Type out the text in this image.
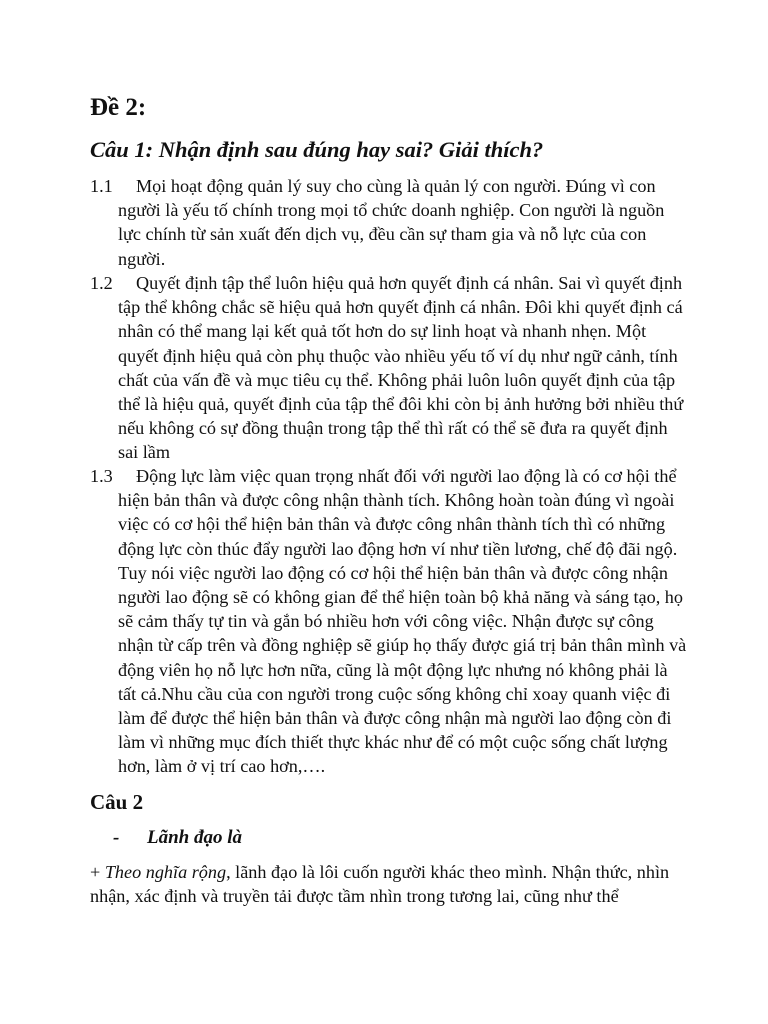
Đề 2:
Câu 1: Nhận định sau đúng hay sai? Giải thích?
1.1	Mọi hoạt động quản lý suy cho cùng là quản lý con người. Đúng vì con người là yếu tố chính trong mọi tổ chức doanh nghiệp. Con người là nguồn lực chính từ sản xuất đến dịch vụ, đều cần sự tham gia và nỗ lực của con người.
1.2	Quyết định tập thể luôn hiệu quả hơn quyết định cá nhân. Sai vì quyết định tập thể không chắc sẽ hiệu quả hơn quyết định cá nhân. Đôi khi quyết định cá nhân có thể mang lại kết quả tốt hơn do sự linh hoạt và nhanh nhẹn. Một quyết định hiệu quả còn phụ thuộc vào nhiều yếu tố ví dụ như ngữ cảnh, tính chất của vấn đề và mục tiêu cụ thể. Không phải luôn luôn quyết định của tập thể là hiệu quả, quyết định của tập thể đôi khi còn bị ảnh hưởng bởi nhiều thứ nếu không có sự đồng thuận trong tập thể thì rất có thể sẽ đưa ra quyết định sai lầm
1.3	Động lực làm việc quan trọng nhất đối với người lao động là có cơ hội thể hiện bản thân và được công nhận thành tích. Không hoàn toàn đúng vì ngoài việc có cơ hội thể hiện bản thân và được công nhân thành tích thì có những động lực còn thúc đẩy người lao động hơn ví như tiền lương, chế độ đãi ngộ. Tuy nói việc người lao động có cơ hội thể hiện bản thân và được công nhận người lao động sẽ có không gian để thể hiện toàn bộ khả năng và sáng tạo, họ sẽ cảm thấy tự tin và gắn bó nhiều hơn với công việc. Nhận được sự công nhận từ cấp trên và đồng nghiệp sẽ giúp họ thấy được giá trị bản thân mình và động viên họ nỗ lực hơn nữa, cũng là một động lực nhưng nó không phải là tất cả.Nhu cầu của con người trong cuộc sống không chỉ xoay quanh việc đi làm để được thể hiện bản thân và được công nhận mà người lao động còn đi làm vì những mục đích thiết thực khác như để có một cuộc sống chất lượng hơn, làm ở vị trí cao hơn,….
Câu 2
- Lãnh đạo là

+ Theo nghĩa rộng, lãnh đạo là lôi cuốn người khác theo mình. Nhận thức, nhìn nhận, xác định và truyền tải được tầm nhìn trong tương lai, cũng như thể
